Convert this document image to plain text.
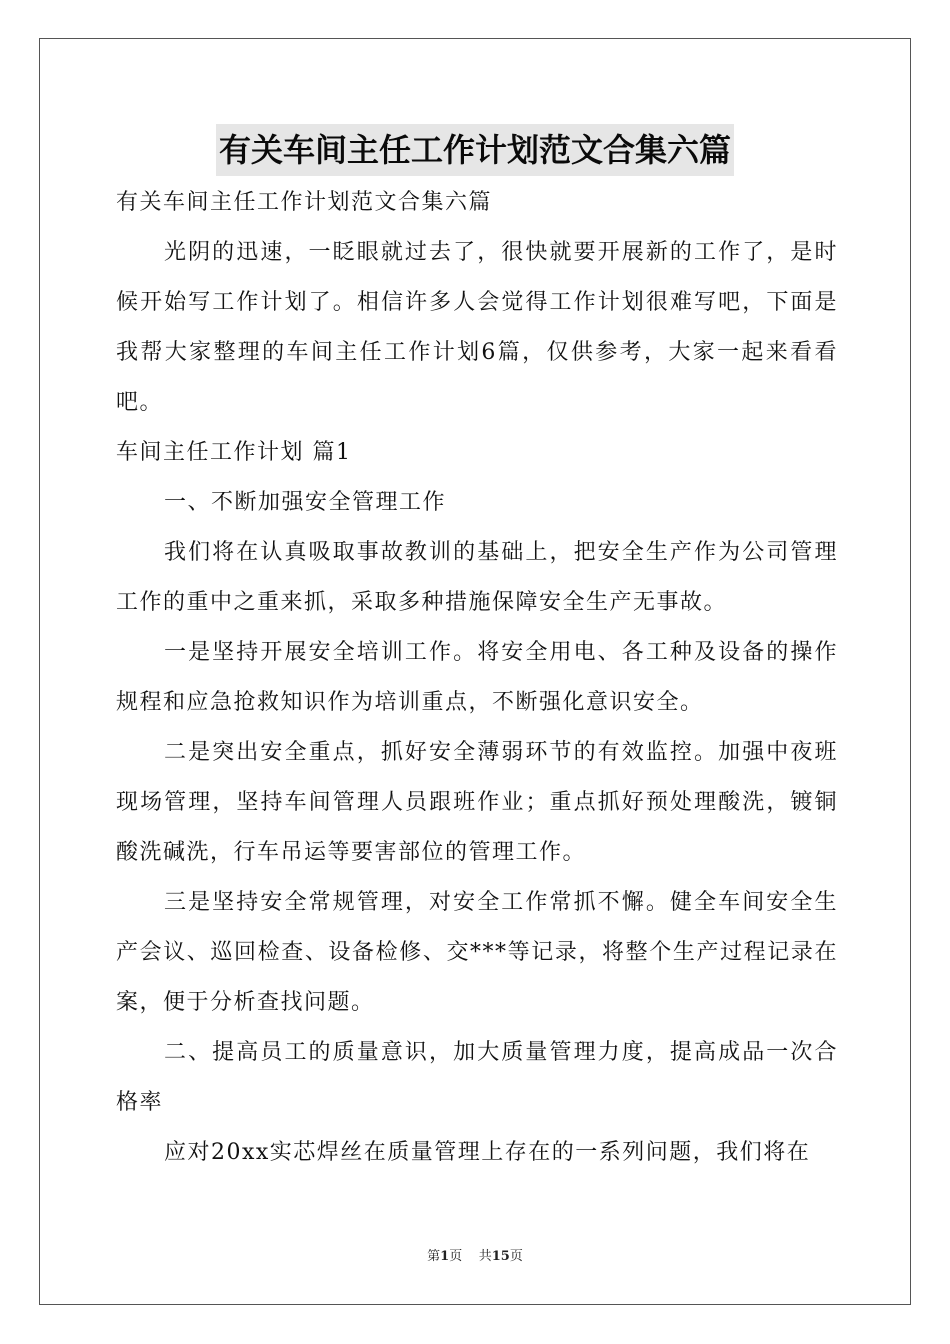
有关车间主任工作计划范文合集六篇

有关车间主任工作计划范文合集六篇

光阴的迅速，一眨眼就过去了，很快就要开展新的工作了，是时候开始写工作计划了。相信许多人会觉得工作计划很难写吧，下面是我帮大家整理的车间主任工作计划6篇，仅供参考，大家一起来看看吧。

车间主任工作计划 篇1

一、不断加强安全管理工作

我们将在认真吸取事故教训的基础上，把安全生产作为公司管理工作的重中之重来抓，采取多种措施保障安全生产无事故。

一是坚持开展安全培训工作。将安全用电、各工种及设备的操作规程和应急抢救知识作为培训重点，不断强化意识安全。

二是突出安全重点，抓好安全薄弱环节的有效监控。加强中夜班现场管理，坚持车间管理人员跟班作业；重点抓好预处理酸洗，镀铜酸洗碱洗，行车吊运等要害部位的管理工作。

三是坚持安全常规管理，对安全工作常抓不懈。健全车间安全生产会议、巡回检查、设备检修、交***等记录，将整个生产过程记录在案，便于分析查找问题。

二、提高员工的质量意识，加大质量管理力度，提高成品一次合格率

应对20xx实芯焊丝在质量管理上存在的一系列问题，我们将在

第1页 共15页
